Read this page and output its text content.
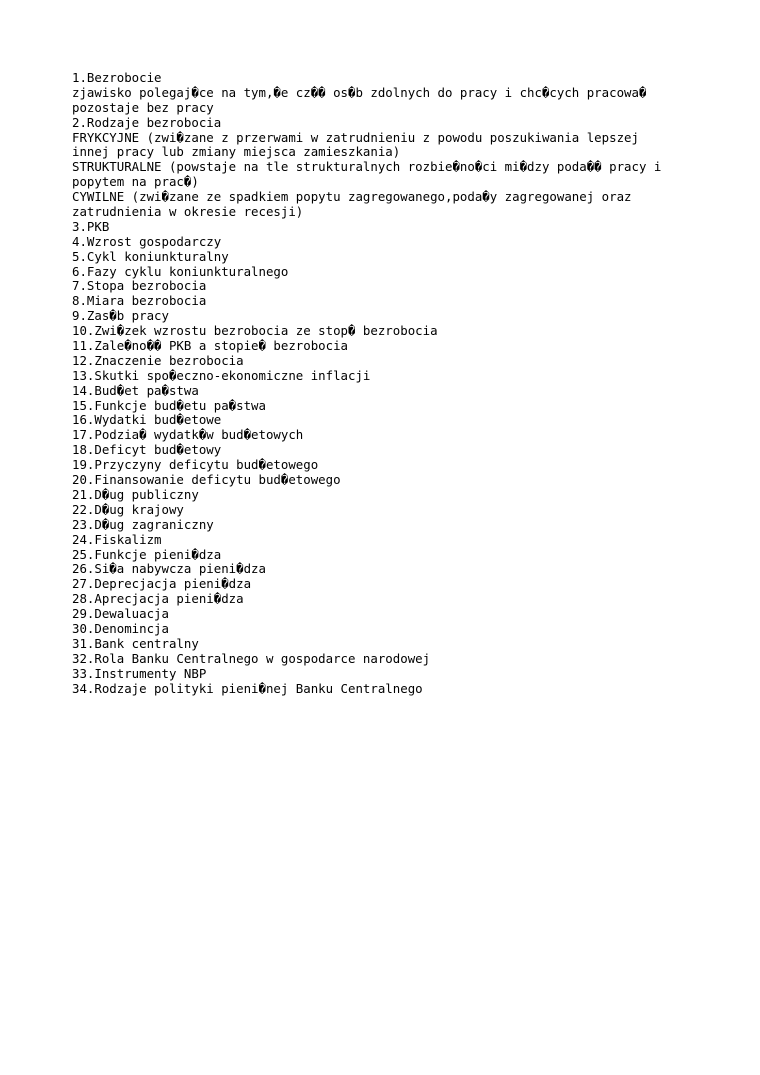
1.Bezrobocie
zjawisko polegaj�ce na tym,�e cz�� os�b zdolnych do pracy i chc�cych pracowa�
pozostaje bez pracy
2.Rodzaje bezrobocia
FRYKCYJNE (zwi�zane z przerwami w zatrudnieniu z powodu poszukiwania lepszej
innej pracy lub zmiany miejsca zamieszkania)
STRUKTURALNE (powstaje na tle strukturalnych rozbie�no�ci mi�dzy poda�� pracy i
popytem na prac�)
CYWILNE (zwi�zane ze spadkiem popytu zagregowanego,poda�y zagregowanej oraz
zatrudnienia w okresie recesji)
3.PKB
4.Wzrost gospodarczy
5.Cykl koniunkturalny
6.Fazy cyklu koniunkturalnego
7.Stopa bezrobocia
8.Miara bezrobocia
9.Zas�b pracy
10.Zwi�zek wzrostu bezrobocia ze stop� bezrobocia
11.Zale�no�� PKB a stopie� bezrobocia
12.Znaczenie bezrobocia
13.Skutki spo�eczno-ekonomiczne inflacji
14.Bud�et pa�stwa
15.Funkcje bud�etu pa�stwa
16.Wydatki bud�etowe
17.Podzia� wydatk�w bud�etowych
18.Deficyt bud�etowy
19.Przyczyny deficytu bud�etowego
20.Finansowanie deficytu bud�etowego
21.D�ug publiczny
22.D�ug krajowy
23.D�ug zagraniczny
24.Fiskalizm
25.Funkcje pieni�dza
26.Si�a nabywcza pieni�dza
27.Deprecjacja pieni�dza
28.Aprecjacja pieni�dza
29.Dewaluacja
30.Denomincja
31.Bank centralny
32.Rola Banku Centralnego w gospodarce narodowej
33.Instrumenty NBP
34.Rodzaje polityki pieni�nej Banku Centralnego
